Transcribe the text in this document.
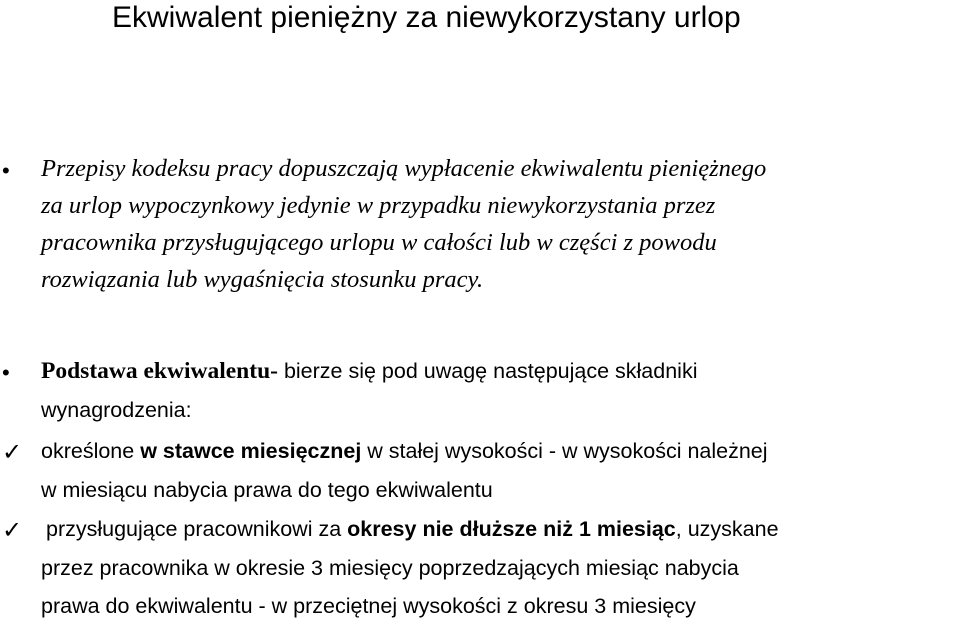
Ekwiwalent pieniężny za niewykorzystany urlop
• Przepisy kodeksu pracy dopuszczają wypłacenie ekwiwalentu pieniężnego
za urlop wypoczynkowy jedynie w przypadku niewykorzystania przez
pracownika przysługującego urlopu w całości lub w części z powodu
rozwiązania lub wygaśnięcia stosunku pracy.

• Podstawa ekwiwalentu- bierze się pod uwagę następujące składniki
wynagrodzenia:

✓ określone w stawce miesięcznej w stałej wysokości - w wysokości należnej
w miesiącu nabycia prawa do tego ekwiwalentu

✓ przysługujące pracownikowi za okresy nie dłuższe niż 1 miesiąc, uzyskane
przez pracownika w okresie 3 miesięcy poprzedzających miesiąc nabycia
prawa do ekwiwalentu - w przeciętnej wysokości z okresu 3 miesięcy
